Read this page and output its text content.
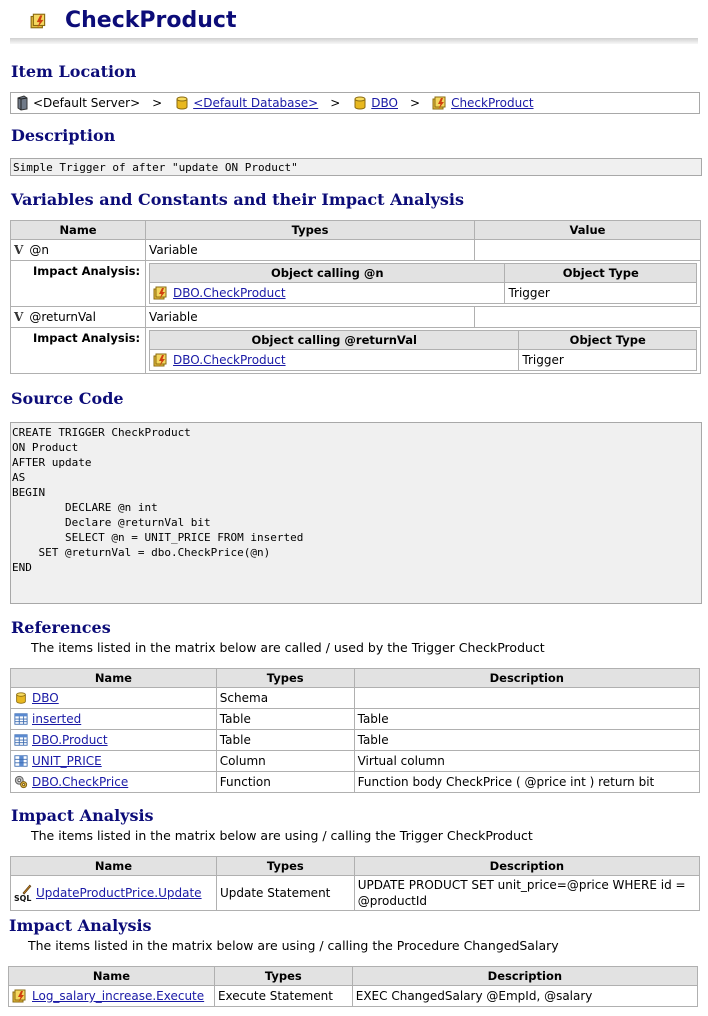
CheckProduct
Item Location
<Default Server> >	<Default Database> >	DBO >	CheckProduct
Description
Simple Trigger of after "update ON Product"
Variables and Constants and their Impact Analysis
Name	Types	Value
V @n	Variable	
Impact Analysis:		Object calling @n	Object Type

DBO.CheckProduct	Trigger

V @returnVal	Variable	
Impact Analysis:		Object calling @returnVal	Object Type

DBO.CheckProduct	Trigger
Source Code
CREATE TRIGGER CheckProduct
ON Product
AFTER update
AS
BEGIN
DECLARE @n int
Declare @returnVal bit
SELECT @n = UNIT_PRICE FROM inserted
SET @returnVal = dbo.CheckPrice(@n)
END
References
The items listed in the matrix below are called / used by the Trigger CheckProduct
Name	Types	Description

DBO	Schema	

inserted	Table	Table

DBO.Product	Table	Table

UNIT_PRICE	Column	Virtual column

DBO.CheckPrice	Function	Function body CheckPrice ( @price int ) return bit
Impact Analysis
The items listed in the matrix below are using / calling the Trigger CheckProduct
Name	Types	Description

UpdateProductPrice.Update	Update Statement	UPDATE PRODUCT SET unit_price=@price WHERE id =
@productId
Impact Analysis
The items listed in the matrix below are using / calling the Procedure ChangedSalary
Name	Types	Description

Log_salary_increase.Execute	Execute Statement	EXEC ChangedSalary @EmpId, @salary
